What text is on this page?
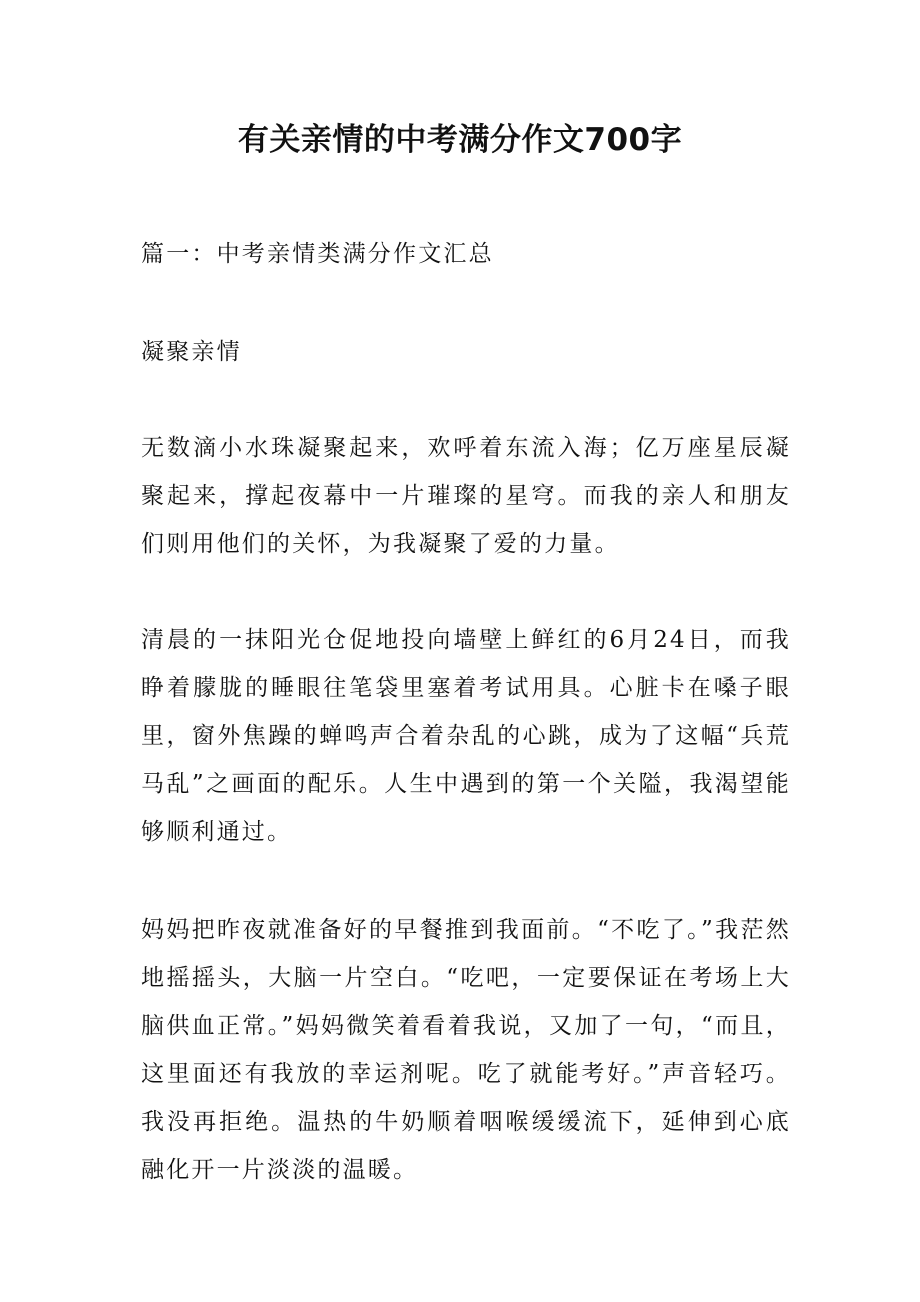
有关亲情的中考满分作文700字

篇一：中考亲情类满分作文汇总

凝聚亲情

无数滴小水珠凝聚起来，欢呼着东流入海；亿万座星辰凝聚起来，撑起夜幕中一片璀璨的星穹。而我的亲人和朋友们则用他们的关怀，为我凝聚了爱的力量。

清晨的一抹阳光仓促地投向墙壁上鲜红的6月24日，而我睁着朦胧的睡眼往笔袋里塞着考试用具。心脏卡在嗓子眼里，窗外焦躁的蝉鸣声合着杂乱的心跳，成为了这幅“兵荒马乱”之画面的配乐。人生中遇到的第一个关隘，我渴望能够顺利通过。

妈妈把昨夜就准备好的早餐推到我面前。“不吃了。”我茫然地摇摇头，大脑一片空白。“吃吧，一定要保证在考场上大脑供血正常。”妈妈微笑着看着我说，又加了一句，“而且，这里面还有我放的幸运剂呢。吃了就能考好。”声音轻巧。我没再拒绝。温热的牛奶顺着咽喉缓缓流下，延伸到心底融化开一片淡淡的温暖。
